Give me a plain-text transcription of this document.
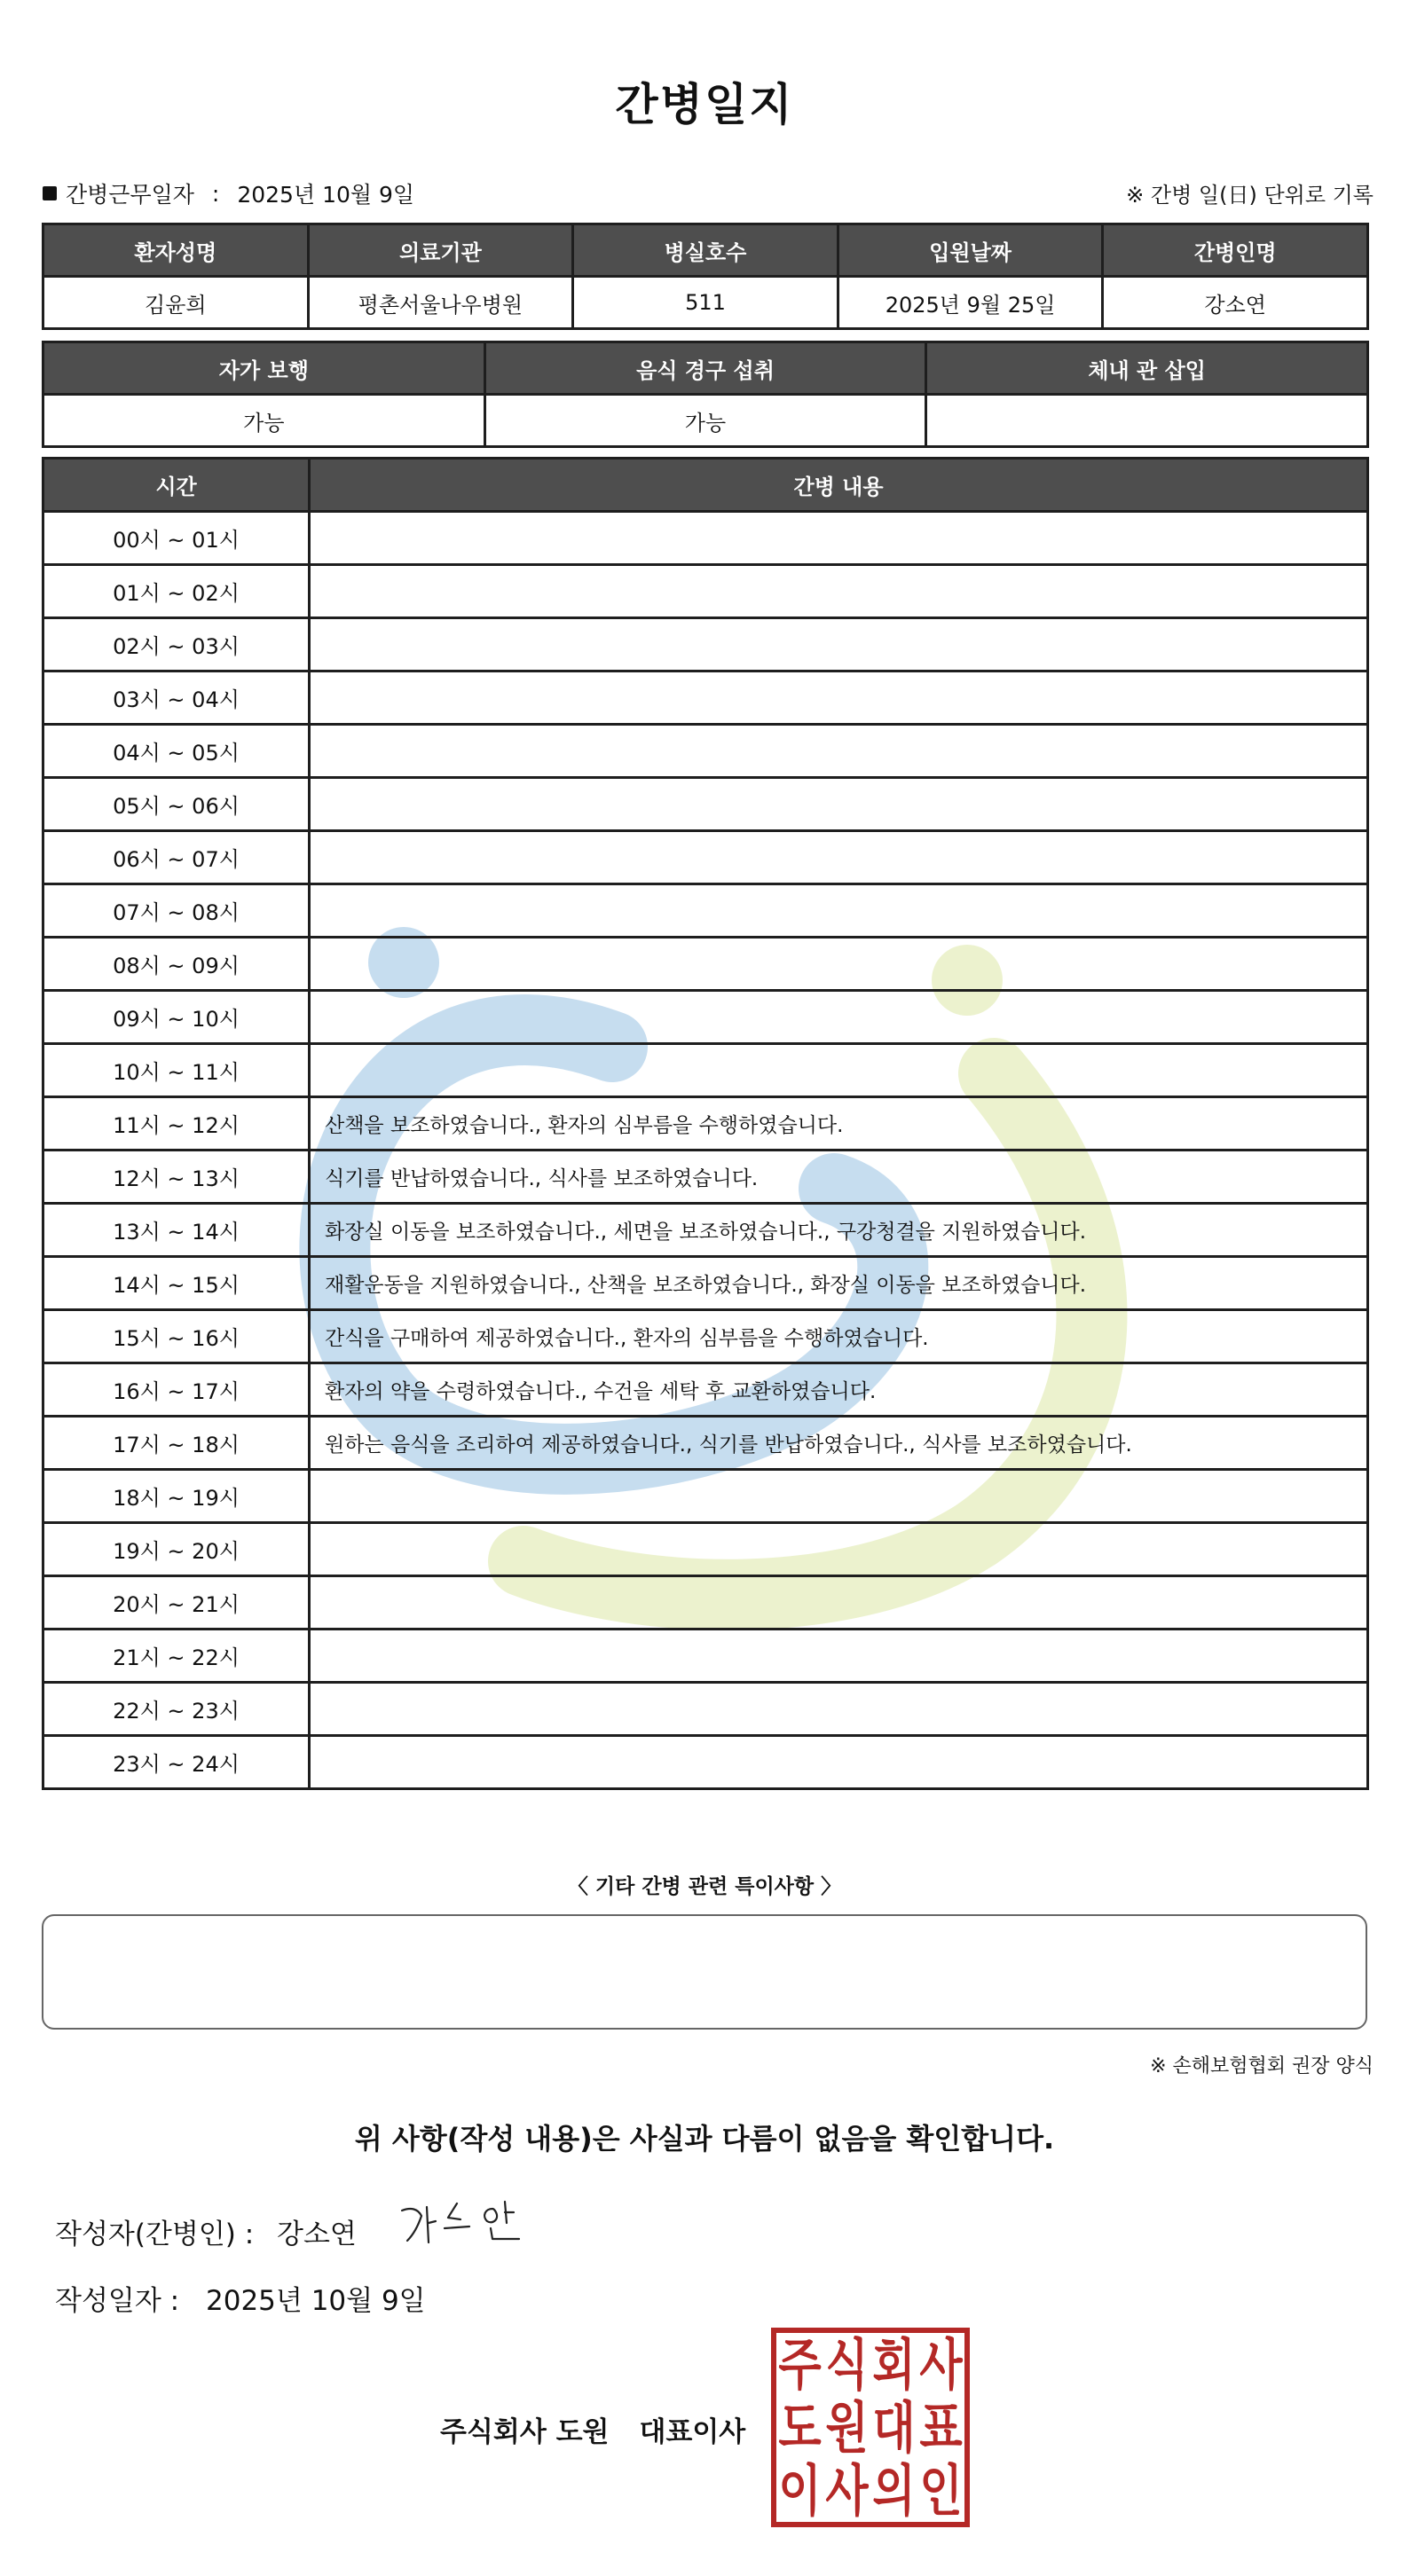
간병일지
간병근무일자 : 2025년 10월 9일	※ 간병 일(日) 단위로 기록
환자성명	의료기관	병실호수	입원날짜	간병인명
김윤희	평촌서울나우병원	511	2025년 9월 25일	강소연
자가 보행	음식 경구 섭취	체내 관 삽입
가능	가능	
시간	간병 내용
00시 ~ 01시	
01시 ~ 02시	
02시 ~ 03시	
03시 ~ 04시	
04시 ~ 05시	
05시 ~ 06시	
06시 ~ 07시	
07시 ~ 08시	
08시 ~ 09시	
09시 ~ 10시	
10시 ~ 11시	
11시 ~ 12시	산책을 보조하였습니다., 환자의 심부름을 수행하였습니다.
12시 ~ 13시	식기를 반납하였습니다., 식사를 보조하였습니다.
13시 ~ 14시	화장실 이동을 보조하였습니다., 세면을 보조하였습니다., 구강청결을 지원하였습니다.
14시 ~ 15시	재활운동을 지원하였습니다., 산책을 보조하였습니다., 화장실 이동을 보조하였습니다.
15시 ~ 16시	간식을 구매하여 제공하였습니다., 환자의 심부름을 수행하였습니다.
16시 ~ 17시	환자의 약을 수령하였습니다., 수건을 세탁 후 교환하였습니다.
17시 ~ 18시	원하는 음식을 조리하여 제공하였습니다., 식기를 반납하였습니다., 식사를 보조하였습니다.
18시 ~ 19시	
19시 ~ 20시	
20시 ~ 21시	
21시 ~ 22시	
22시 ~ 23시	
23시 ~ 24시	
〈 기타 간병 관련 특이사항 〉
※ 손해보험협회 권장 양식
위 사항(작성 내용)은 사실과 다름이 없음을 확인합니다.
작성자(간병인) : 강소연
작성일자 : 2025년 10월 9일
주식회사 도원 대표이사
주 식 회 사
도 원 대 표
이 사 의 인
